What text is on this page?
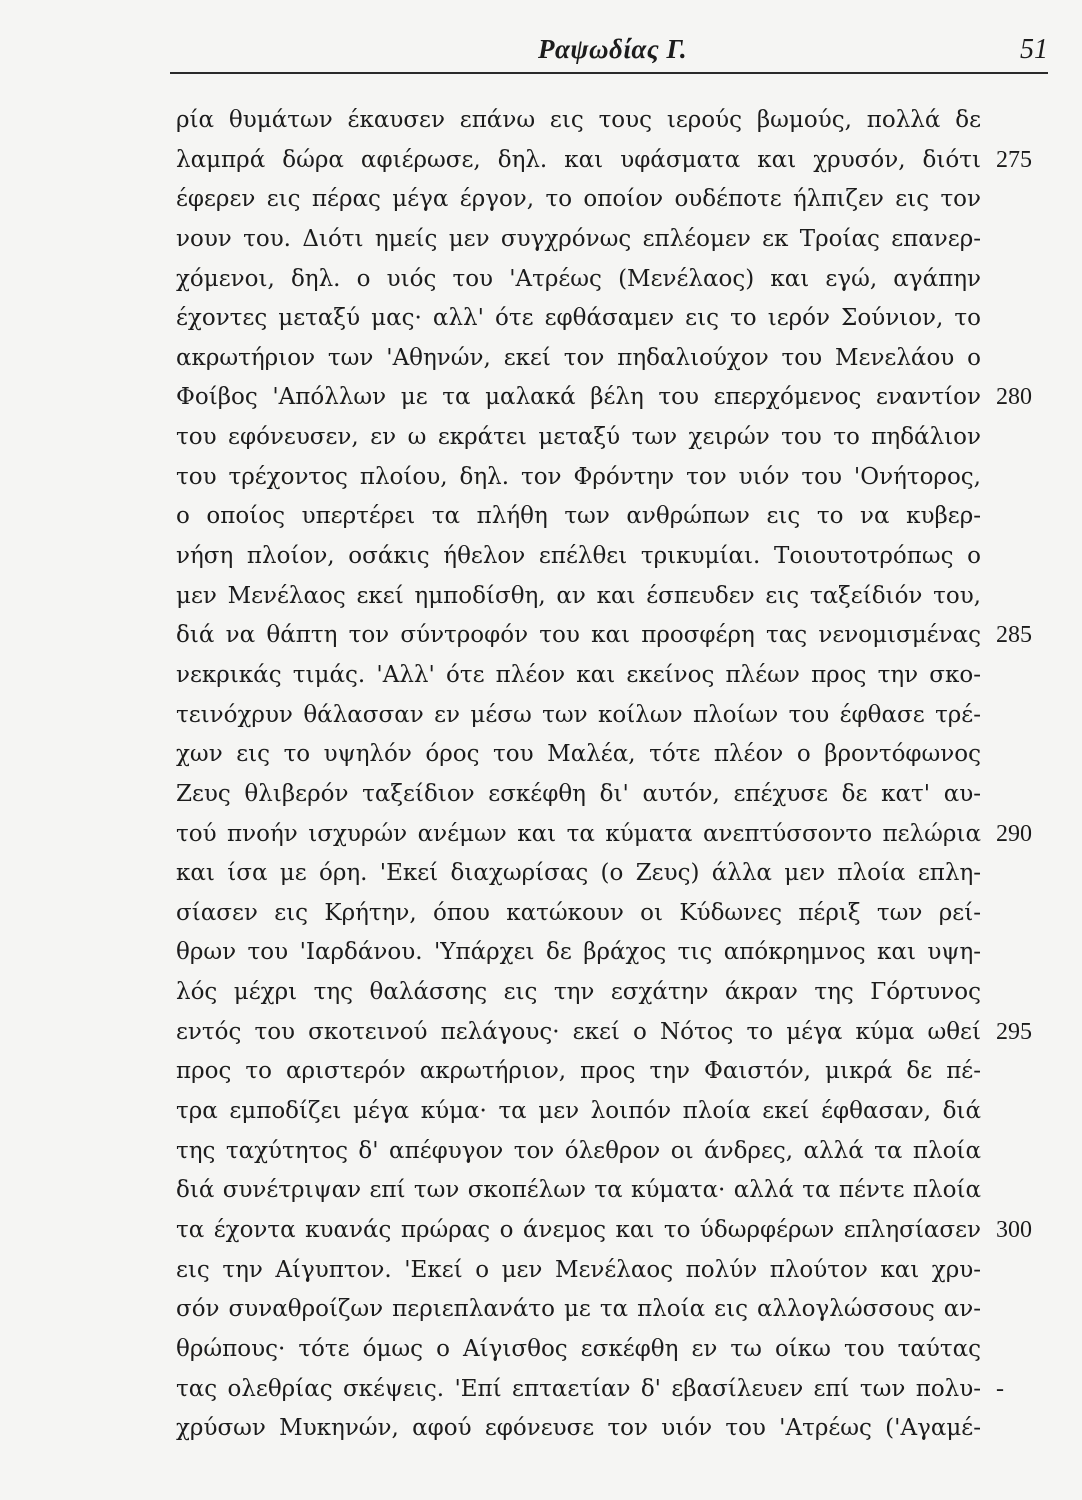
Ραψωδίας Γ.	51
ρία θυμάτων έκαυσεν επάνω εις τους ιερούς βωμούς, πολλά δε
λαμπρά δώρα αφιέρωσε, δηλ. και υφάσματα και χρυσόν, διότι 275
έφερεν εις πέρας μέγα έργον, το οποίον ουδέποτε ήλπιζεν εις τον
νουν του. Διότι ημείς μεν συγχρόνως επλέομεν εκ Τροίας επανερ-
χόμενοι, δηλ. ο υιός του 'Ατρέως (Μενέλαος) και εγώ, αγάπην
έχοντες μεταξύ μας· αλλ' ότε εφθάσαμεν εις το ιερόν Σούνιον, το
ακρωτήριον των 'Αθηνών, εκεί τον πηδαλιούχον του Μενελάου ο
Φοίβος 'Απόλλων με τα μαλακά βέλη του επερχόμενος εναντίον 280
του εφόνευσεν, εν ω εκράτει μεταξύ των χειρών του το πηδάλιον
του τρέχοντος πλοίου, δηλ. τον Φρόντην τον υιόν του 'Ονήτορος,
ο οποίος υπερτέρει τα πλήθη των ανθρώπων εις το να κυβερ-
νήση πλοίον, οσάκις ήθελον επέλθει τρικυμίαι. Τοιουτοτρόπως ο
μεν Μενέλαος εκεί ημποδίσθη, αν και έσπευδεν εις ταξείδιόν του,
διά να θάπτη τον σύντροφόν του και προσφέρη τας νενομισμένας 285
νεκρικάς τιμάς. 'Αλλ' ότε πλέον και εκείνος πλέων προς την σκο-
τεινόχρυν θάλασσαν εν μέσω των κοίλων πλοίων του έφθασε τρέ-
χων εις το υψηλόν όρος του Μαλέα, τότε πλέον ο βροντόφωνος
Ζευς θλιβερόν ταξείδιον εσκέφθη δι' αυτόν, επέχυσε δε κατ' αυ-
τού πνοήν ισχυρών ανέμων και τα κύματα ανεπτύσσοντο πελώρια 290
και ίσα με όρη. 'Εκεί διαχωρίσας (ο Ζευς) άλλα μεν πλοία επλη-
σίασεν εις Κρήτην, όπου κατώκουν οι Κύδωνες πέριξ των ρεί-
θρων του 'Ιαρδάνου. 'Υπάρχει δε βράχος τις απόκρημνος και υψη-
λός μέχρι της θαλάσσης εις την εσχάτην άκραν της Γόρτυνος
εντός του σκοτεινού πελάγους· εκεί ο Νότος το μέγα κύμα ωθεί 295
προς το αριστερόν ακρωτήριον, προς την Φαιστόν, μικρά δε πέ-
τρα εμποδίζει μέγα κύμα· τα μεν λοιπόν πλοία εκεί έφθασαν, διά
της ταχύτητος δ' απέφυγον τον όλεθρον οι άνδρες, αλλά τα πλοία
διά συνέτριψαν επί των σκοπέλων τα κύματα· αλλά τα πέντε πλοία
τα έχοντα κυανάς πρώρας ο άνεμος και το ύδωρφέρων επλησίασεν 300
εις την Αίγυπτον. 'Εκεί ο μεν Μενέλαος πολύν πλούτον και χρυ-
σόν συναθροίζων περιεπλανάτο με τα πλοία εις αλλογλώσσους αν-
θρώπους· τότε όμως ο Αίγισθος εσκέφθη εν τω οίκω του ταύτας
τας ολεθρίας σκέψεις. 'Επί επταετίαν δ' εβασίλευεν επί των πολυ- -
χρύσων Μυκηνών, αφού εφόνευσε τον υιόν του 'Ατρέως ('Αγαμέ-
